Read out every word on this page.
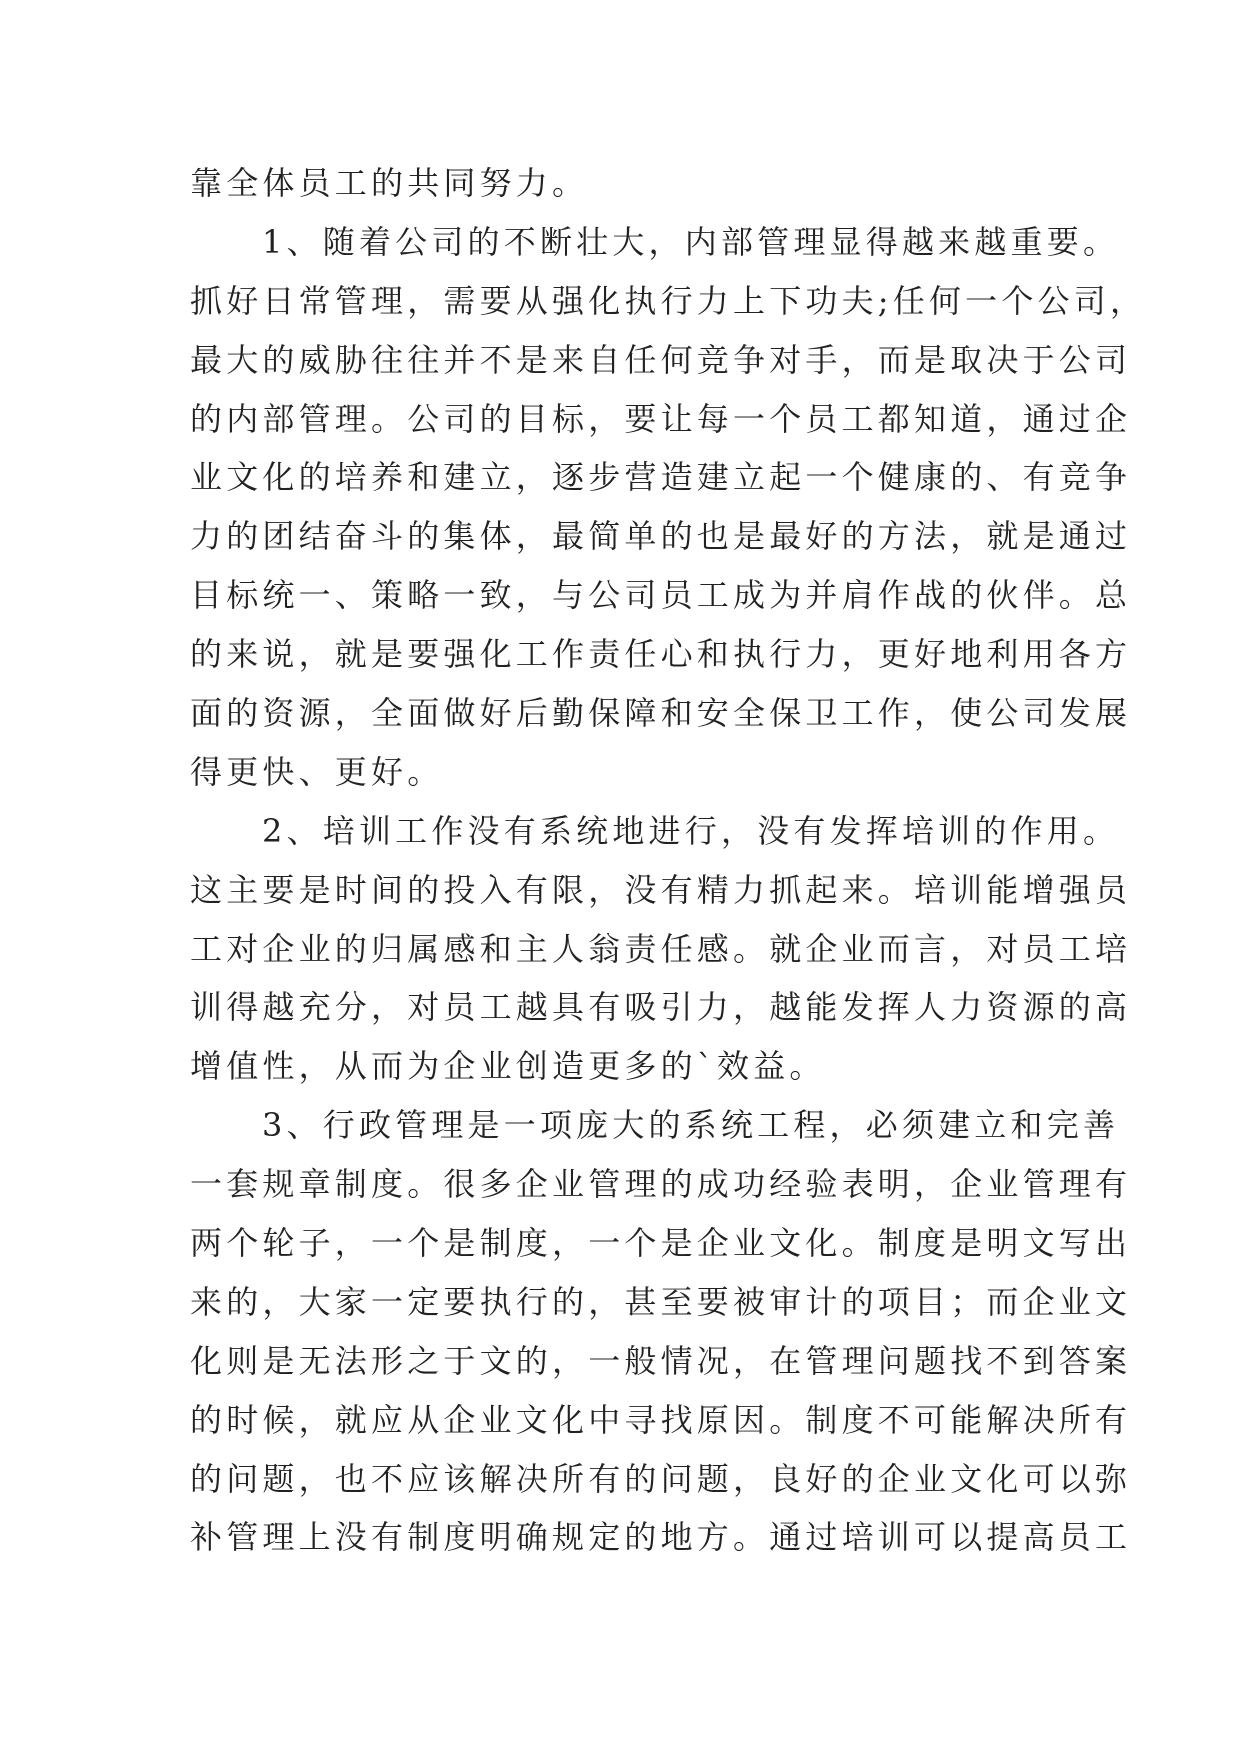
靠全体员工的共同努力。
1、随着公司的不断壮大，内部管理显得越来越重要。
抓好日常管理，需要从强化执行力上下功夫;任何一个公司，
最大的威胁往往并不是来自任何竞争对手，而是取决于公司
的内部管理。公司的目标，要让每一个员工都知道，通过企
业文化的培养和建立，逐步营造建立起一个健康的、有竞争
力的团结奋斗的集体，最简单的也是最好的方法，就是通过
目标统一、策略一致，与公司员工成为并肩作战的伙伴。总
的来说，就是要强化工作责任心和执行力，更好地利用各方
面的资源，全面做好后勤保障和安全保卫工作，使公司发展
得更快、更好。
2、培训工作没有系统地进行，没有发挥培训的作用。
这主要是时间的投入有限，没有精力抓起来。培训能增强员
工对企业的归属感和主人翁责任感。就企业而言，对员工培
训得越充分，对员工越具有吸引力，越能发挥人力资源的高
增值性，从而为企业创造更多的`效益。
3、行政管理是一项庞大的系统工程，必须建立和完善
一套规章制度。很多企业管理的成功经验表明，企业管理有
两个轮子，一个是制度，一个是企业文化。制度是明文写出
来的，大家一定要执行的，甚至要被审计的项目；而企业文
化则是无法形之于文的，一般情况，在管理问题找不到答案
的时候，就应从企业文化中寻找原因。制度不可能解决所有
的问题，也不应该解决所有的问题，良好的企业文化可以弥
补管理上没有制度明确规定的地方。通过培训可以提高员工
